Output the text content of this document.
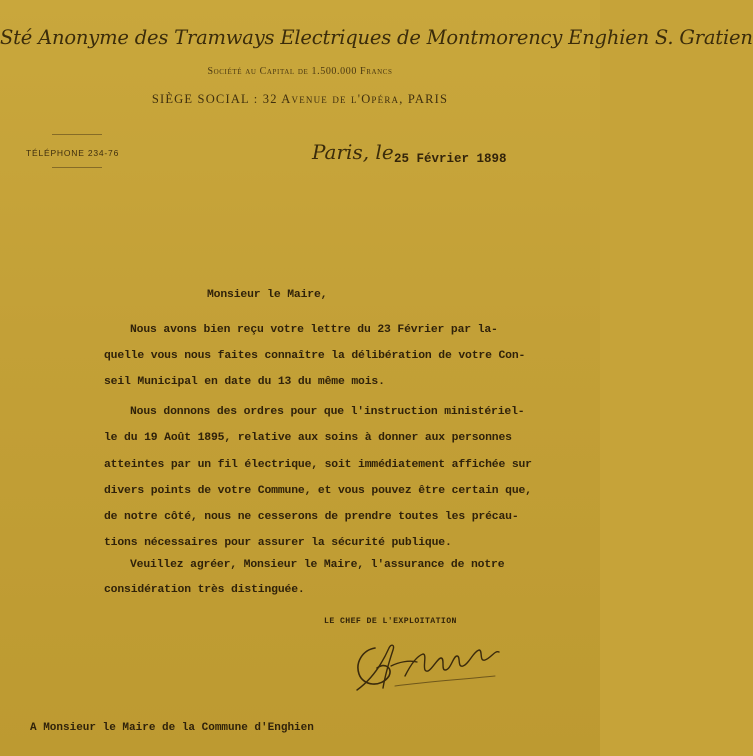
Sté Anonyme des Tramways Electriques de Montmorency Enghien S. Gratien
Société au Capital de 1.500.000 Francs
SIÈGE SOCIAL : 32 Avenue de l'Opéra, PARIS
TÉLÉPHONE 234-76	Paris, le 25 Février 1898
Monsieur le Maire,
Nous avons bien reçu votre lettre du 23 Février par la-
quelle vous nous faites connaître la délibération de votre Con-
seil Municipal en date du 13 du même mois.
Nous donnons des ordres pour que l'instruction ministériel-
le du 19 Août 1895, relative aux soins à donner aux personnes
atteintes par un fil électrique, soit immédiatement affichée sur
divers points de votre Commune, et vous pouvez être certain que,
de notre côté, nous ne cesserons de prendre toutes les précau-
tions nécessaires pour assurer la sécurité publique.
Veuillez agréer, Monsieur le Maire, l'assurance de notre
considération très distinguée.
LE CHEF DE L'EXPLOITATION
A Monsieur le Maire de la Commune d'Enghien
